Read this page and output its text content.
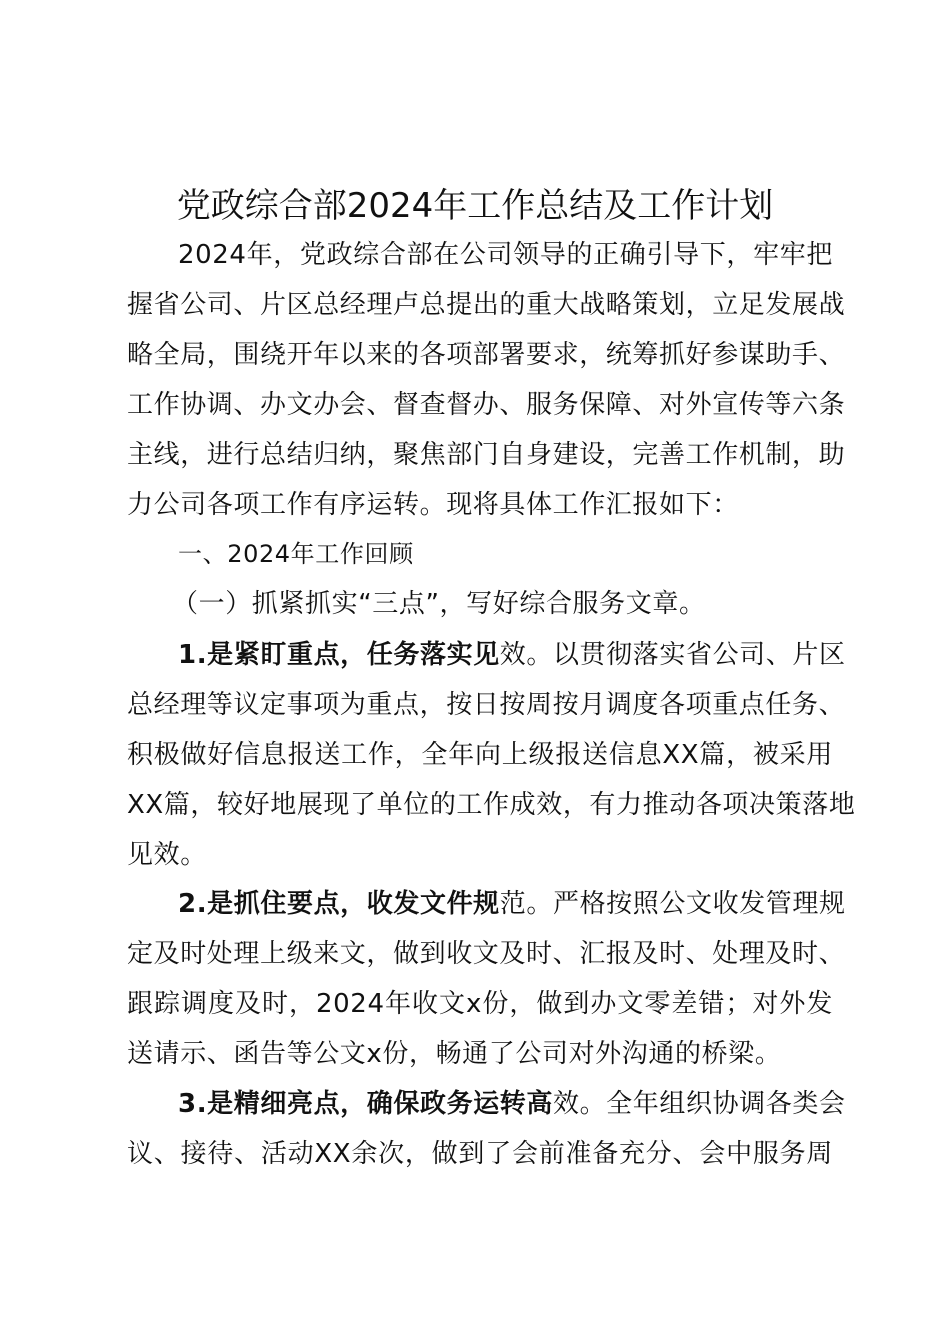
党政综合部2024年工作总结及工作计划
2024年，党政综合部在公司领导的正确引导下，牢牢把
握省公司、片区总经理卢总提出的重大战略策划，立足发展战
略全局，围绕开年以来的各项部署要求，统筹抓好参谋助手、
工作协调、办文办会、督查督办、服务保障、对外宣传等六条
主线，进行总结归纳，聚焦部门自身建设，完善工作机制，助
力公司各项工作有序运转。现将具体工作汇报如下：
一、2024年工作回顾
（一）抓紧抓实“三点”，写好综合服务文章。
1.是紧盯重点，任务落实见效。以贯彻落实省公司、片区
总经理等议定事项为重点，按日按周按月调度各项重点任务、
积极做好信息报送工作，全年向上级报送信息XX篇，被采用
XX篇，较好地展现了单位的工作成效，有力推动各项决策落地
见效。
2.是抓住要点，收发文件规范。严格按照公文收发管理规
定及时处理上级来文，做到收文及时、汇报及时、处理及时、
跟踪调度及时，2024年收文x份，做到办文零差错；对外发
送请示、函告等公文x份，畅通了公司对外沟通的桥梁。
3.是精细亮点，确保政务运转高效。全年组织协调各类会
议、接待、活动XX余次，做到了会前准备充分、会中服务周
